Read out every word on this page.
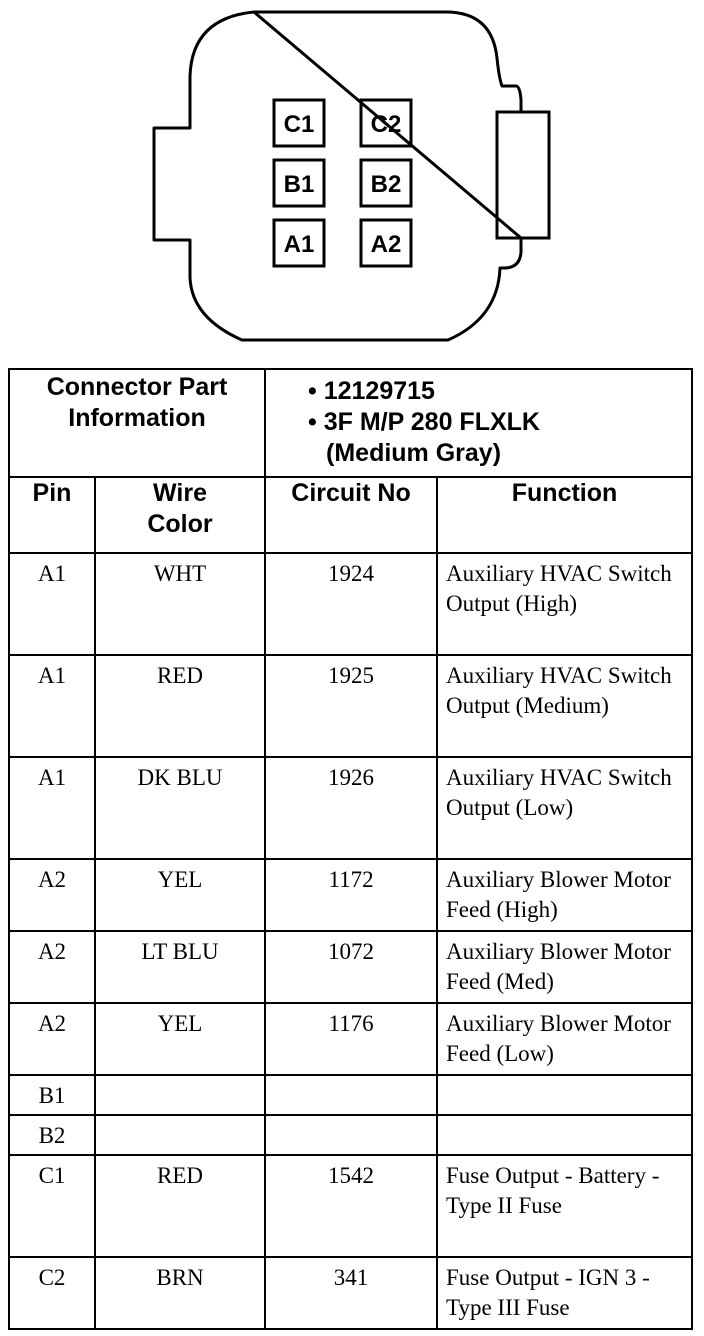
C1 C2
B1 B2
A1 A2
Connector Part Information		• 12129715
• 3F M/P 280 FLXLK
(Medium Gray)	

Pin	Wire Color	Circuit No	Function
A1	WHT	1924	Auxiliary HVAC Switch Output (High)
A1	RED	1925	Auxiliary HVAC Switch Output (Medium)
A1	DK BLU	1926	Auxiliary HVAC Switch Output (Low)
A2	YEL	1172	Auxiliary Blower Motor Feed (High)
A2	LT BLU	1072	Auxiliary Blower Motor Feed (Med)
A2	YEL	1176	Auxiliary Blower Motor Feed (Low)
B1			
B2			
C1	RED	1542	Fuse Output - Battery - Type II Fuse
C2	BRN	341	Fuse Output - IGN 3 - Type III Fuse
